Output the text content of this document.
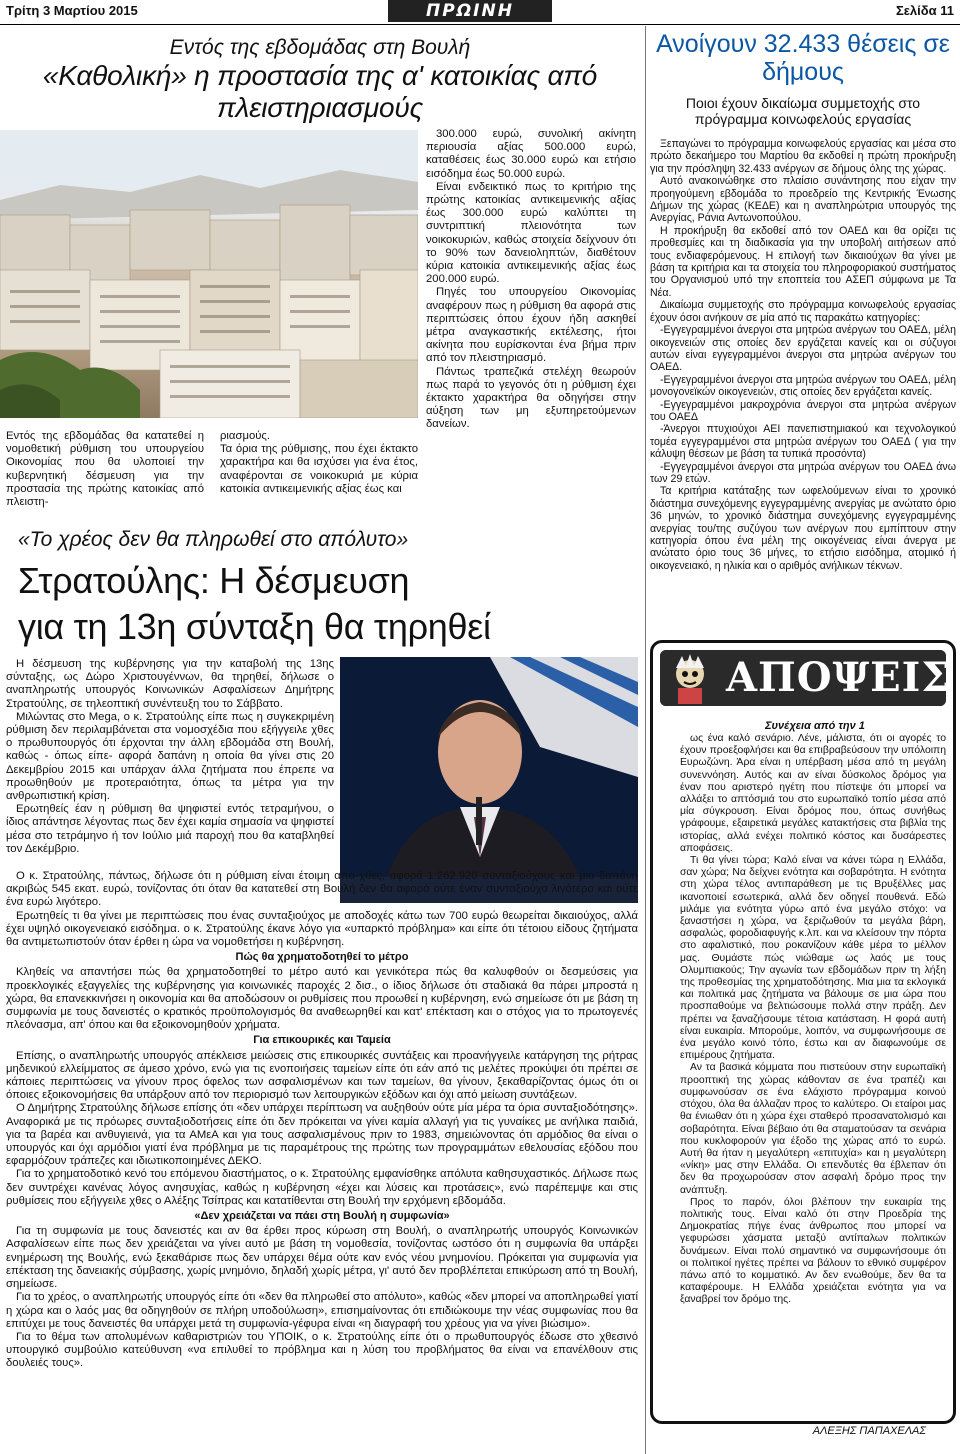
Τρίτη 3 Μαρτίου 2015	ΠΡΩΙΝΗ	Σελίδα 11
Εντός της εβδομάδας στη Βουλή
«Καθολική» η προστασία της α' κατοικίας από πλειστηριασμούς
Εντός της εβδομάδας θα κατατεθεί η νομοθετική ρύθμιση του υπουργείου Οικονομίας που θα υλοποιεί την κυβερνητική δέσμευση για την προστασία της πρώτης κατοικίας από πλειστη-
ριασμούς.
Τα όρια της ρύθμισης, που έχει έκτακτο χαρακτήρα και θα ισχύσει για ένα έτος, αναφέρονται σε νοικοκυριά με κύρια κατοικία αντικειμενικής αξίας έως και

300.000 ευρώ, συνολική ακίνητη περιουσία αξίας 500.000 ευρώ, καταθέσεις έως 30.000 ευρώ και ετήσιο εισόδημα έως 50.000 ευρώ.

Είναι ενδεικτικό πως το κριτήριο της πρώτης κατοικίας αντικειμενικής αξίας έως 300.000 ευρώ καλύπτει τη συντριπτική πλειονότητα των νοικοκυριών, καθώς στοιχεία δείχνουν ότι το 90% των δανειοληπτών, διαθέτουν κύρια κατοικία αντικειμενικής αξίας έως 200.000 ευρώ.

Πηγές του υπουργείου Οικονομίας αναφέρουν πως η ρύθμιση θα αφορά στις περιπτώσεις όπου έχουν ήδη ασκηθεί μέτρα αναγκαστικής εκτέλεσης, ήτοι ακίνητα που ευρίσκονται ένα βήμα πριν από τον πλειστηριασμό.

Πάντως τραπεζικά στελέχη θεωρούν πως παρά το γεγονός ότι η ρύθμιση έχει έκτακτο χαρακτήρα θα οδηγήσει στην αύξηση των μη εξυπηρετούμενων δανείων.

«Το χρέος δεν θα πληρωθεί στο απόλυτο»
Στρατούλης: Η δέσμευση
για τη 13η σύνταξη θα τηρηθεί

Η δέσμευση της κυβέρνησης για την καταβολή της 13ης σύνταξης, ως Δώρο Χριστουγέννων, θα τηρηθεί, δήλωσε ο αναπληρωτής υπουργός Κοινωνικών Ασφαλίσεων Δημήτρης Στρατούλης, σε τηλεοπτική συνέντευξη του το Σάββατο.

Μιλώντας στο Mega, ο κ. Στρατούλης είπε πως η συγκεκριμένη ρύθμιση δεν περιλαμβάνεται στα νομοσχέδια που εξήγγειλε χθες ο πρωθυπουργός ότι έρχονται την άλλη εβδομάδα στη Βουλή, καθώς - όπως είπε- αφορά δαπάνη η οποία θα γίνει στις 20 Δεκεμβρίου 2015 και υπάρχαν άλλα ζητήματα που έπρεπε να προωθηθούν με προτεραιότητα, όπως τα μέτρα για την ανθρωπιστική κρίση.

Ερωτηθείς έαν η ρύθμιση θα ψηφιστεί εντός τετραμήνου, ο ίδιος απάντησε λέγοντας πως δεν έχει καμία σημασία να ψηφιστεί μέσα στο τετράμηνο ή τον Ιούλιο μιά παροχή που θα καταβληθεί τον Δεκέμβριο.

Ο κ. Στρατούλης, πάντως, δήλωσε ότι η ρύθμιση είναι έτοιμη από χθες, αφορά 1.262.920 συνταξιούχους και μια δαπάνη ακριβώς 545 εκατ. ευρώ, τονίζοντας ότι όταν θα κατατεθεί στη Βουλή δεν θα αφορά ούτε έναν συνταξιούχο λιγότερο και ούτε ένα ευρώ λιγότερο.

Ερωτηθείς τι θα γίνει με περιπτώσεις που ένας συνταξιούχος με αποδοχές κάτω των 700 ευρώ θεωρείται δικαιούχος, αλλά έχει υψηλό οικογενειακό εισόδημα. ο κ. Στρατούλης έκανε λόγο για «υπαρκτό πρόβλημα» και είπε ότι τέτοιου είδους ζητήματα θα αντιμετωπιστούν όταν έρθει η ώρα να νομοθετήσει η κυβέρνηση.

Πώς θα χρηματοδοτηθεί το μέτρο

Κληθείς να απαντήσει πώς θα χρηματοδοτηθεί το μέτρο αυτό και γενικότερα πώς θα καλυφθούν οι δεσμεύσεις για προεκλογικές εξαγγελίες της κυβέρνησης για κοινωνικές παροχές 2 δισ., ο ίδιος δήλωσε ότι σταδιακά θα πάρει μπροστά η χώρα, θα επανεκκινήσει η οικονομία και θα αποδώσουν οι ρυθμίσεις που προωθεί η κυβέρνηση, ενώ σημείωσε ότι με βάση τη συμφωνία με τους δανειστές ο κρατικός προϋπολογισμός θα αναθεωρηθεί και κατ' επέκταση και ο στόχος για το πρωτογενές πλεόνασμα, απ' όπου και θα εξοικονομηθούν χρήματα.

Για επικουρικές και Ταμεία

Επίσης, ο αναπληρωτής υπουργός απέκλεισε μειώσεις στις επικουρικές συντάξεις και προανήγγειλε κατάργηση της ρήτρας μηδενικού ελλείμματος σε άμεσο χρόνο, ενώ για τις ενοποιήσεις ταμείων είπε ότι εάν από τις μελέτες προκύψει ότι πρέπει σε κάποιες περιπτώσεις να γίνουν προς όφελος των ασφαλισμένων και των ταμείων, θα γίνουν, ξεκαθαρίζοντας όμως ότι οι όποιες εξοικονομήσεις θα υπάρξουν από τον περιορισμό των λειτουργικών εξόδων και όχι από μείωση συντάξεων.

Ο Δημήτρης Στρατούλης δήλωσε επίσης ότι «δεν υπάρχει περίπτωση να αυξηθούν ούτε μία μέρα τα όρια συνταξιοδότησης». Αναφορικά με τις πρόωρες συνταξιοδοτήσεις είπε ότι δεν πρόκειται να γίνει καμία αλλαγή για τις γυναίκες με ανήλικα παιδιά, για τα βαρέα και ανθυγιεινά, για τα ΑΜεΑ και για τους ασφαλισμένους πριν το 1983, σημειώνοντας ότι αρμόδιος θα είναι ο υπουργός και όχι αρμόδιοι γιατί ένα πρόβλημα με τις παραμέτρους της πρώτης των προγραμμάτων εθελουσίας εξόδου που εφαρμόζουν τράπεζες και ιδιωτικοποιημένες ΔΕΚΟ.

Για το χρηματοδοτικό κενό του επόμενου διαστήματος, ο κ. Στρατούλης εμφανίσθηκε απόλυτα καθησυχαστικός. Δήλωσε πως δεν συντρέχει κανένας λόγος ανησυχίας, καθώς η κυβέρνηση «έχει και λύσεις και προτάσεις», ενώ παρέπεμψε και στις ρυθμίσεις που εξήγγειλε χθες ο Αλέξης Τσίπρας και κατατίθενται στη Βουλή την ερχόμενη εβδομάδα.

«Δεν χρειάζεται να πάει στη Βουλή η συμφωνία»

Για τη συμφωνία με τους δανειστές και αν θα έρθει προς κύρωση στη Βουλή, ο αναπληρωτής υπουργός Κοινωνικών Ασφαλίσεων είπε πως δεν χρειάζεται να γίνει αυτό με βάση τη νομοθεσία, τονίζοντας ωστόσο ότι η συμφωνία θα υπάρξει ενημέρωση της Βουλής, ενώ ξεκαθάρισε πως δεν υπάρχει θέμα ούτε καν ενός νέου μνημονίου. Πρόκειται για συμφωνία για επέκταση της δανειακής σύμβασης, χωρίς μνημόνιο, δηλαδή χωρίς μέτρα, γι' αυτό δεν προβλέπεται επικύρωση από τη Βουλή, σημείωσε.

Για το χρέος, ο αναπληρωτής υπουργός είπε ότι «δεν θα πληρωθεί στο απόλυτο», καθώς «δεν μπορεί να αποπληρωθεί γιατί η χώρα και ο λαός μας θα οδηγηθούν σε πλήρη υποδούλωση», επισημαίνοντας ότι επιδιώκουμε την νέας συμφωνίας που θα επιτύχει με τους δανειστές θα υπάρχει μετά τη συμφωνία-γέφυρα είναι «η διαγραφή του χρέους για να γίνει βιώσιμο».

Για το θέμα των απολυμένων καθαριστριών του ΥΠΟΙΚ, ο κ. Στρατούλης είπε ότι ο πρωθυπουργός έδωσε στο χθεσινό υπουργικό συμβούλιο κατεύθυνση «να επιλυθεί το πρόβλημα και η λύση του προβλήματος θα είναι να επανέλθουν στις δουλειές τους».

Ανοίγουν 32.433 θέσεις σε δήμους
Ποιοι έχουν δικαίωμα συμμετοχής στο πρόγραμμα κοινωφελούς εργασίας

Ξεπαγώνει το πρόγραμμα κοινωφελούς εργασίας και μέσα στο πρώτο δεκαήμερο του Μαρτίου θα εκδοθεί η πρώτη προκήρυξη για την πρόσληψη 32.433 ανέργων σε δήμους όλης της χώρας.

Αυτό ανακοινώθηκε στο πλαίσιο συνάντησης που είχαν την προηγούμενη εβδομάδα το προεδρείο της Κεντρικής Ένωσης Δήμων της χώρας (ΚΕΔΕ) και η αναπληρώτρια υπουργός της Ανεργίας, Ράνια Αντωνοπούλου.

Η προκήρυξη θα εκδοθεί από τον ΟΑΕΔ και θα ορίζει τις προθεσμίες και τη διαδικασία για την υποβολή αιτήσεων από τους ενδιαφερόμενους. Η επιλογή των δικαιούχων θα γίνει με βάση τα κριτήρια και τα στοιχεία του πληροφοριακού συστήματος του Οργανισμού υπό την εποπτεία του ΑΣΕΠ σύμφωνα με Τα Νέα.

Δικαίωμα συμμετοχής στο πρόγραμμα κοινωφελούς εργασίας έχουν όσοι ανήκουν σε μία από τις παρακάτω κατηγορίες:

-Εγγεγραμμένοι άνεργοι στα μητρώα ανέργων του ΟΑΕΔ, μέλη οικογενειών στις οποίες δεν εργάζεται κανείς και οι σύζυγοι αυτών είναι εγγεγραμμένοι άνεργοι στα μητρώα ανέργων του ΟΑΕΔ.

-Εγγεγραμμένοι άνεργοι στα μητρώα ανέργων του ΟΑΕΔ, μέλη μονογονεϊκών οικογενειών, στις οποίες δεν εργάζεται κανείς.

-Εγγεγραμμένοι μακροχρόνια άνεργοι στα μητρώα ανέργων του ΟΑΕΔ

-Άνεργοι πτυχιούχοι ΑΕΙ πανεπιστημιακού και τεχνολογικού τομέα εγγεγραμμένοι στα μητρώα ανέργων του ΟΑΕΔ ( για την κάλυψη θέσεων με βάση τα τυπικά προσόντα)

-Εγγεγραμμένοι άνεργοι στα μητρώα ανέργων του ΟΑΕΔ άνω των 29 ετών.

Τα κριτήρια κατάταξης των ωφελούμενων είναι το χρονικό διάστημα συνεχόμενης εγγεγραμμένης ανεργίας με ανώτατο όριο 36 μηνών, το χρονικό διάστημα συνεχόμενης εγγεγραμμένης ανεργίας του/της συζύγου των ανέργων που εμπίπτουν στην κατηγορία όπου ένα μέλη της οικογένειας είναι άνεργα με ανώτατο όριο τους 36 μήνες, το ετήσιο εισόδημα, ατομικό ή οικογενειακό, η ηλικία και ο αριθμός ανήλικων τέκνων.

ΑΠΟΨΕΙΣ
Συνέχεια από την 1

ως ένα καλό σενάριο. Λένε, μάλιστα, ότι οι αγορές το έχουν προεξοφλήσει και θα επιβραβεύσουν την υπόλοιπη Ευρωζώνη. Άρα είναι η υπέρβαση μέσα από τη μεγάλη συνεννόηση. Αυτός και αν είναι δύσκολος δρόμος για έναν που αριστερό ηγέτη που πίστεψε ότι μπορεί να αλλάξει το απτόσμιά του στο ευρωπαϊκό τοπίο μέσα από μία σύγκρουση. Είναι δρόμος που, όπως συνήθως γράφουμε, εξαιρετικά μεγάλες κατακτήσεις στα βιβλία της ιστορίας, αλλά ενέχει πολιτικό κόστος και δυσάρεστες αποφάσεις.

Τι θα γίνει τώρα; Καλό είναι να κάνει τώρα η Ελλάδα, σαν χώρα; Να δείχνει ενότητα και σοβαρότητα. Η ενότητα στη χώρα τέλος αντιπαράθεση με τις Βρυξέλλες μας ικανοποιεί εσωτερικά, αλλά δεν οδηγεί πουθενά. Εδώ μιλάμε για ενότητα γύρω από ένα μεγάλο στόχο: να ξαναστήσει η χώρα, να ξεριζωθούν τα μεγάλα βάρη, ασφαλώς, φοροδιαφυγής κ.λπ. και να κλείσουν την πόρτα στο αφαλιστικό, που ροκανίζουν κάθε μέρα το μέλλον μας. Θυμάστε πώς νιώθαμε ως λαός με τους Ολυμπιακούς; Την αγωνία των εβδομάδων πριν τη λήξη της προθεσμίας της χρηματοδότησης. Μια μια τα εκλογικά και πολιτικά μας ζητήματα να βάλουμε σε μια ώρα που προσπαθούμε να βελτιώσουμε πολλά στην πράξη. Δεν πρέπει να ξαναζήσουμε τέτοια κατάσταση. Η φορά αυτή είναι ευκαιρία. Μπορούμε, λοιπόν, να συμφωνήσουμε σε ένα μεγάλο κοινό τόπο, έστω και αν διαφωνούμε σε επιμέρους ζητήματα.

Αν τα βασικά κόμματα που πιστεύουν στην ευρωπαϊκή προοπτική της χώρας κάθονταν σε ένα τραπέζι και συμφωνούσαν σε ένα ελάχιστο πρόγραμμα κοινού στόχου, όλα θα άλλαζαν προς το καλύτερο. Οι εταίροι μας θα ένιωθαν ότι η χώρα έχει σταθερό προσανατολισμό και σοβαρότητα. Είναι βέβαιο ότι θα σταματούσαν τα σενάρια που κυκλοφορούν για έξοδο της χώρας από το ευρώ. Αυτή θα ήταν η μεγαλύτερη «επιτυχία» και η μεγαλύτερη «νίκη» μας στην Ελλάδα. Οι επενδυτές θα έβλεπαν ότι δεν θα προχωρούσαν στον ασφαλή δρόμο προς την ανάπτυξη.

Προς το παρόν, όλοι βλέπουν την ευκαιρία της πολιτικής τους. Είναι καλό ότι στην Προεδρία της Δημοκρατίας πήγε ένας άνθρωπος που μπορεί να γεφυρώσει χάσματα μεταξύ αντίπαλων πολιτικών δυνάμεων. Είναι πολύ σημαντικό να συμφωνήσουμε ότι οι πολιτικοί ηγέτες πρέπει να βάλουν το εθνικό συμφέρον πάνω από το κομματικό. Αν δεν ενωθούμε, δεν θα τα καταφέρουμε. Η Ελλάδα χρειάζεται ενότητα για να ξαναβρεί τον δρόμο της.

ΑΛΕΞΗΣ ΠΑΠΑΧΕΛΑΣ
